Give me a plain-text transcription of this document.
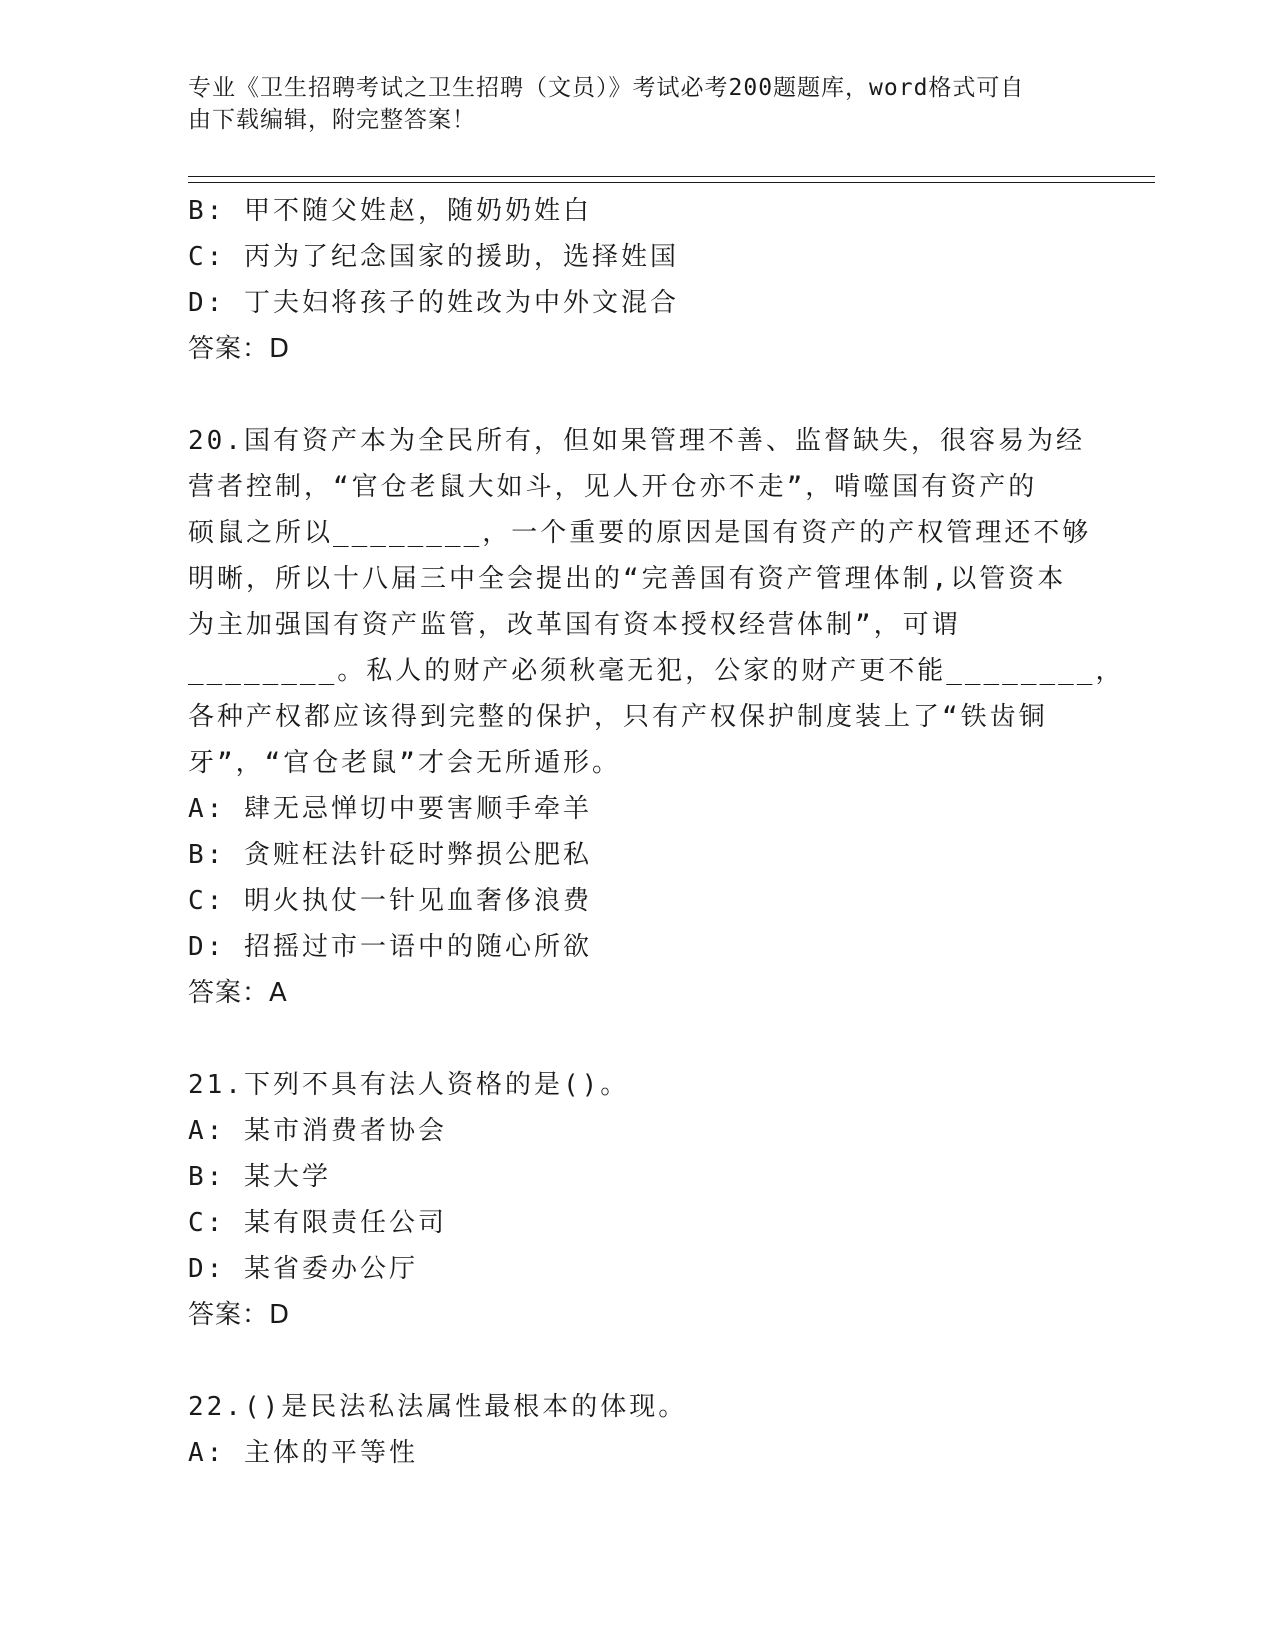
专业《卫生招聘考试之卫生招聘（文员）》考试必考200题题库，word格式可自
由下载编辑，附完整答案！
B: 甲不随父姓赵，随奶奶姓白
C: 丙为了纪念国家的援助，选择姓国
D: 丁夫妇将孩子的姓改为中外文混合
答案：D
20.国有资产本为全民所有，但如果管理不善、监督缺失，很容易为经
营者控制，“官仓老鼠大如斗，见人开仓亦不走”，啃噬国有资产的
硕鼠之所以________，一个重要的原因是国有资产的产权管理还不够
明晰，所以十八届三中全会提出的“完善国有资产管理体制,以管资本
为主加强国有资产监管，改革国有资本授权经营体制”，可谓
________。私人的财产必须秋毫无犯，公家的财产更不能________，
各种产权都应该得到完整的保护，只有产权保护制度装上了“铁齿铜
牙”，“官仓老鼠”才会无所遁形。
A: 肆无忌惮切中要害顺手牵羊
B: 贪赃枉法针砭时弊损公肥私
C: 明火执仗一针见血奢侈浪费
D: 招摇过市一语中的随心所欲
答案：A
21.下列不具有法人资格的是()。
A: 某市消费者协会
B: 某大学
C: 某有限责任公司
D: 某省委办公厅
答案：D
22.()是民法私法属性最根本的体现。
A: 主体的平等性
